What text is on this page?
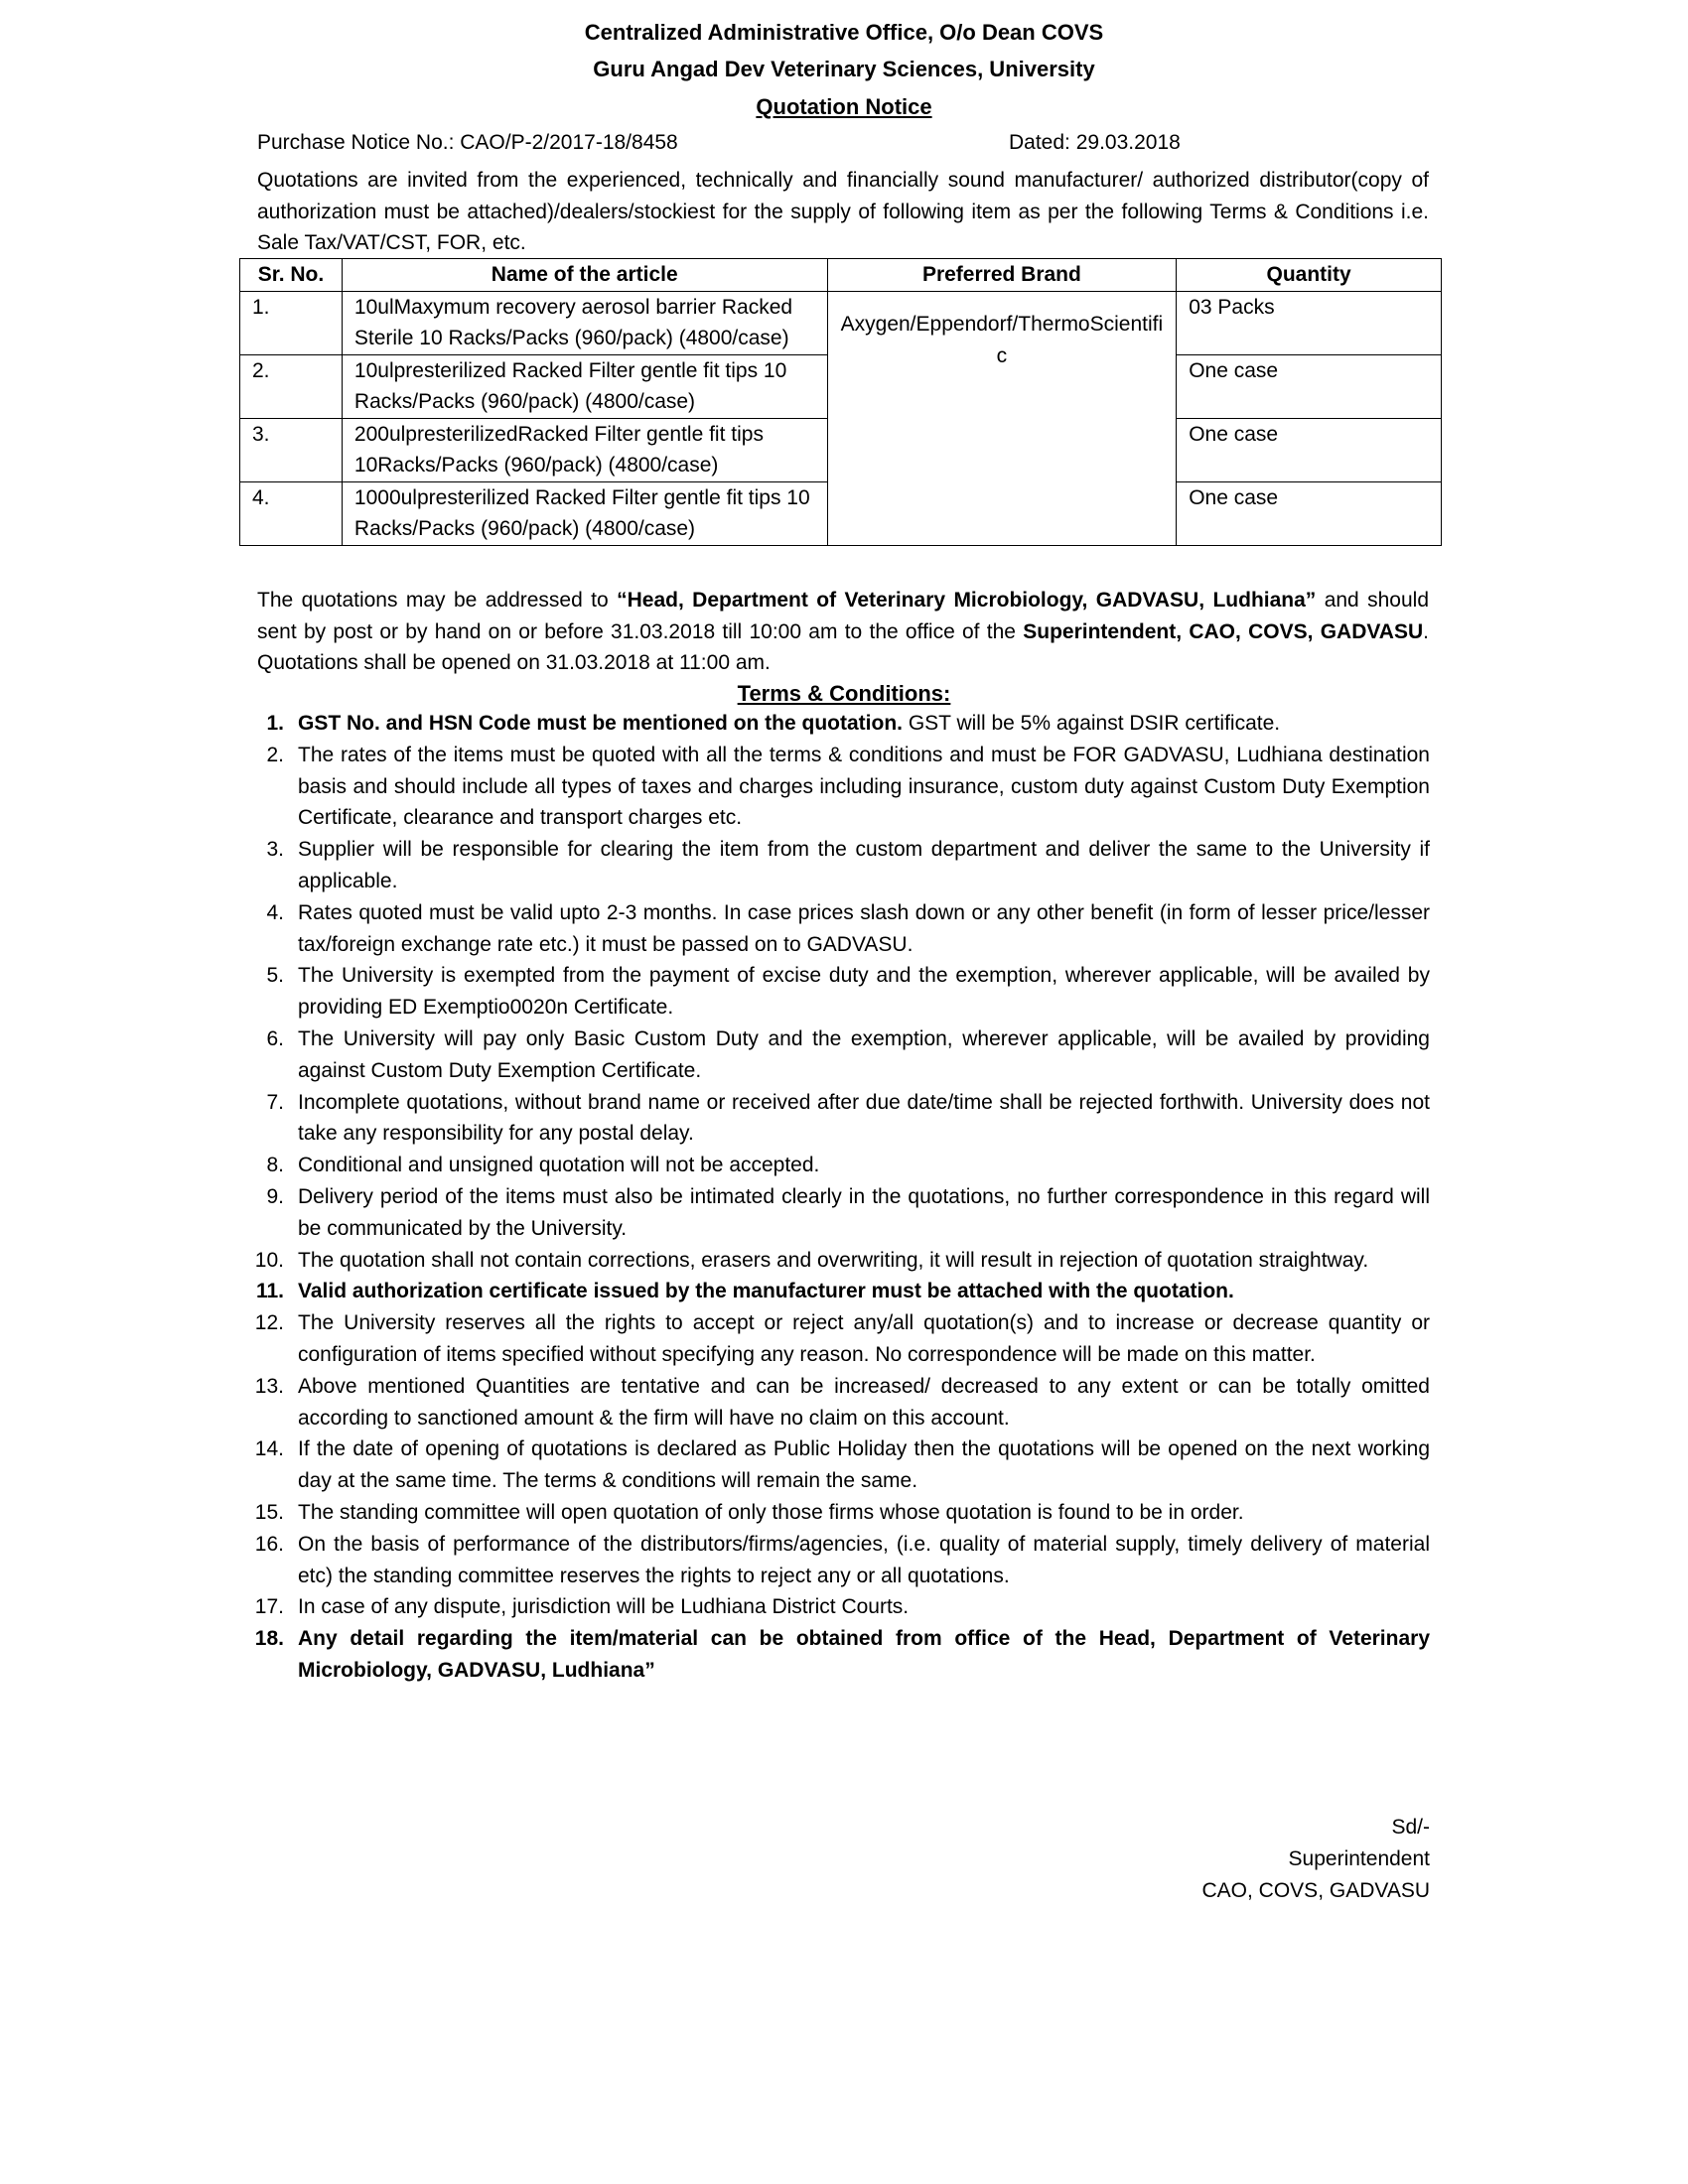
Centralized Administrative Office, O/o Dean COVS
Guru Angad Dev Veterinary Sciences, University
Quotation Notice
Purchase Notice No.: CAO/P-2/2017-18/8458	Dated: 29.03.2018
Quotations are invited from the experienced, technically and financially sound manufacturer/ authorized distributor(copy of authorization must be attached)/dealers/stockiest for the supply of following item as per the following Terms & Conditions i.e. Sale Tax/VAT/CST, FOR, etc.
Sr. No.	Name of the article	Preferred Brand	Quantity
1.	10ulMaxymum recovery aerosol barrier Racked Sterile 10 Racks/Packs (960/pack) (4800/case)	Axygen/Eppendorf/ThermoScientific	03 Packs
2.	10ulpresterilized Racked Filter gentle fit tips 10 Racks/Packs (960/pack) (4800/case)		One case
3.	200ulpresterilizedRacked Filter gentle fit tips 10Racks/Packs (960/pack) (4800/case)		One case
4.	1000ulpresterilized Racked Filter gentle fit tips 10 Racks/Packs (960/pack) (4800/case)		One case
The quotations may be addressed to “Head, Department of Veterinary Microbiology, GADVASU, Ludhiana” and should sent by post or by hand on or before 31.03.2018 till 10:00 am to the office of the Superintendent, CAO, COVS, GADVASU. Quotations shall be opened on 31.03.2018 at 11:00 am.
Terms & Conditions:
1. GST No. and HSN Code must be mentioned on the quotation. GST will be 5% against DSIR certificate.
2. The rates of the items must be quoted with all the terms & conditions and must be FOR GADVASU, Ludhiana destination basis and should include all types of taxes and charges including insurance, custom duty against Custom Duty Exemption Certificate, clearance and transport charges etc.
3. Supplier will be responsible for clearing the item from the custom department and deliver the same to the University if applicable.
4. Rates quoted must be valid upto 2-3 months. In case prices slash down or any other benefit (in form of lesser price/lesser tax/foreign exchange rate etc.) it must be passed on to GADVASU.
5. The University is exempted from the payment of excise duty and the exemption, wherever applicable, will be availed by providing ED Exemptio0020n Certificate.
6. The University will pay only Basic Custom Duty and the exemption, wherever applicable, will be availed by providing against Custom Duty Exemption Certificate.
7. Incomplete quotations, without brand name or received after due date/time shall be rejected forthwith. University does not take any responsibility for any postal delay.
8. Conditional and unsigned quotation will not be accepted.
9. Delivery period of the items must also be intimated clearly in the quotations, no further correspondence in this regard will be communicated by the University.
10. The quotation shall not contain corrections, erasers and overwriting, it will result in rejection of quotation straightway.
11. Valid authorization certificate issued by the manufacturer must be attached with the quotation.
12. The University reserves all the rights to accept or reject any/all quotation(s) and to increase or decrease quantity or configuration of items specified without specifying any reason. No correspondence will be made on this matter.
13. Above mentioned Quantities are tentative and can be increased/ decreased to any extent or can be totally omitted according to sanctioned amount & the firm will have no claim on this account.
14. If the date of opening of quotations is declared as Public Holiday then the quotations will be opened on the next working day at the same time. The terms & conditions will remain the same.
15. The standing committee will open quotation of only those firms whose quotation is found to be in order.
16. On the basis of performance of the distributors/firms/agencies, (i.e. quality of material supply, timely delivery of material etc) the standing committee reserves the rights to reject any or all quotations.
17. In case of any dispute, jurisdiction will be Ludhiana District Courts.
18. Any detail regarding the item/material can be obtained from office of the Head, Department of Veterinary Microbiology, GADVASU, Ludhiana”
Sd/-
Superintendent
CAO, COVS, GADVASU
